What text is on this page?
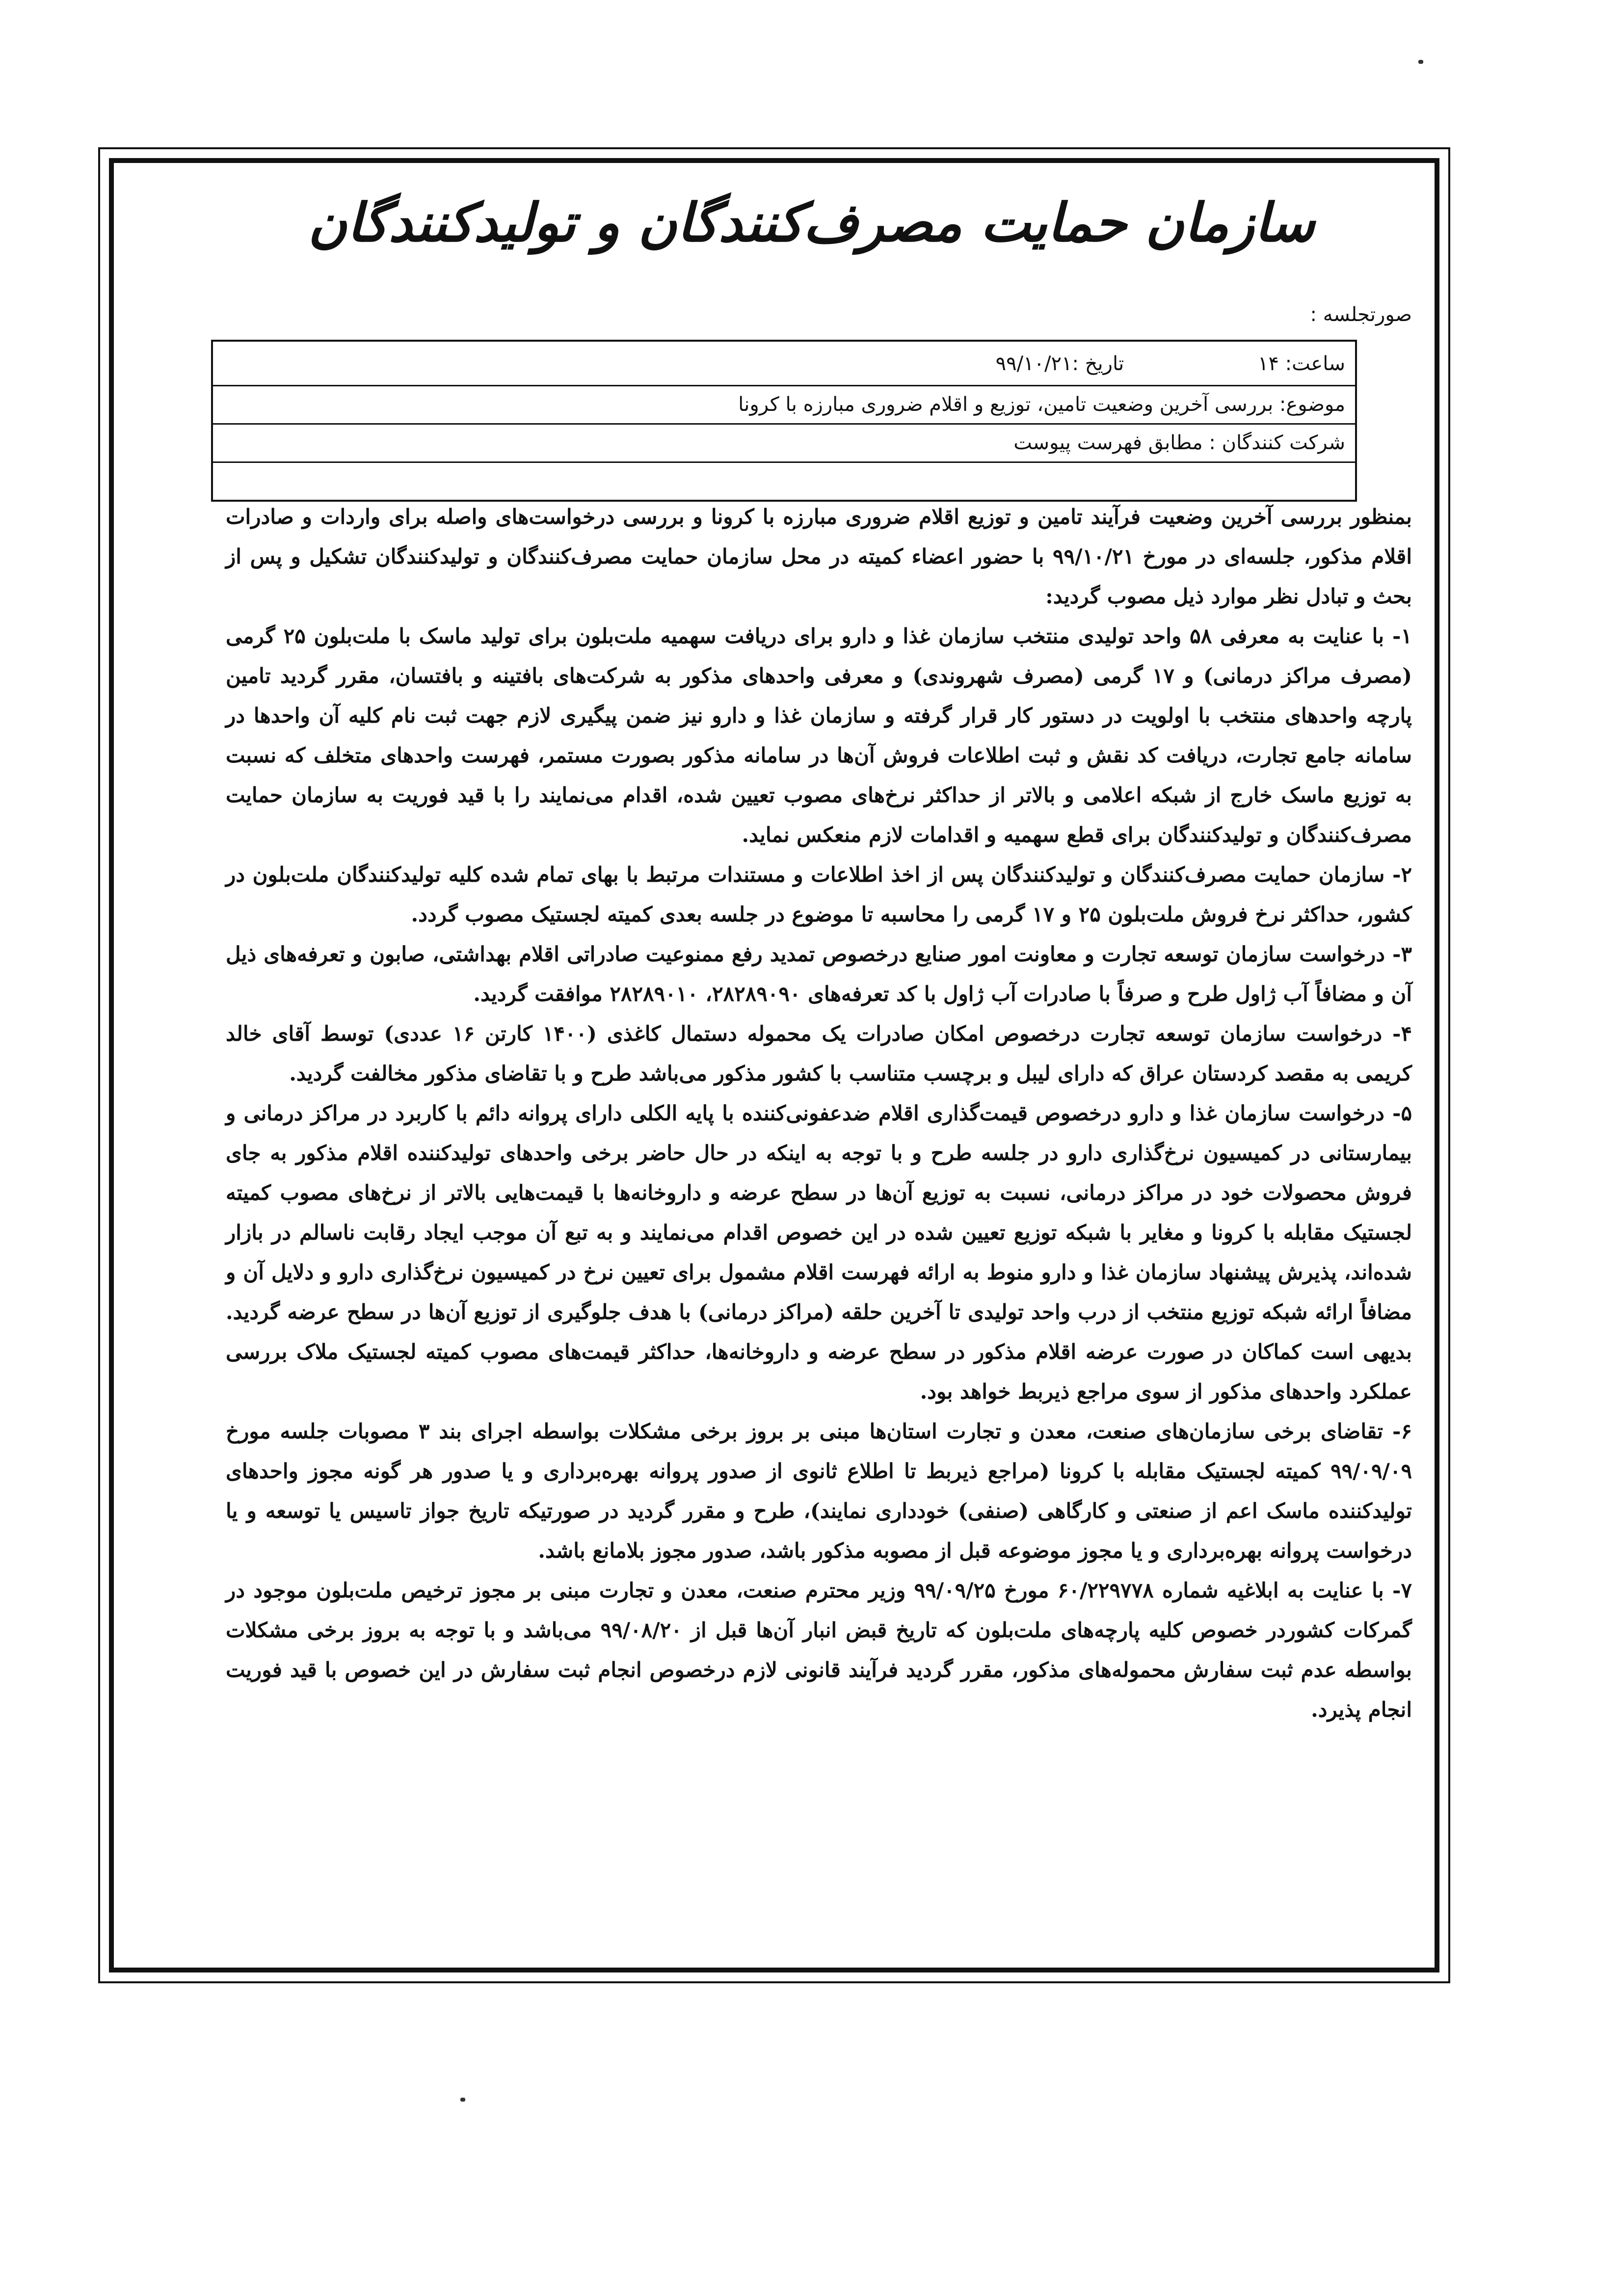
سازمان حمایت مصرف‌کنندگان و تولیدکنندگان
صورتجلسه :
ساعت: ۱۴ تاریخ :۹۹/۱۰/۲۱
موضوع: بررسی آخرین وضعیت تامین، توزیع و اقلام ضروری مبارزه با کرونا
شرکت کنندگان : مطابق فهرست پیوست

بمنظور بررسی آخرین وضعیت فرآیند تامین و توزیع اقلام ضروری مبارزه با کرونا و بررسی درخواست‌های واصله برای واردات و صادرات اقلام مذکور، جلسه‌ای در مورخ ۹۹/۱۰/۲۱ با حضور اعضاء کمیته در محل سازمان حمایت مصرف‌کنندگان و تولیدکنندگان تشکیل و پس از بحث و تبادل نظر موارد ذیل مصوب گردید:

۱- با عنایت به معرفی ۵۸ واحد تولیدی منتخب سازمان غذا و دارو برای دریافت سهمیه ملت‌بلون برای تولید ماسک با ملت‌بلون ۲۵ گرمی (مصرف مراکز درمانی) و ۱۷ گرمی (مصرف شهروندی) و معرفی واحدهای مذکور به شرکت‌های بافتینه و بافتسان، مقرر گردید تامین پارچه واحدهای منتخب با اولویت در دستور کار قرار گرفته و سازمان غذا و دارو نیز ضمن پیگیری لازم جهت ثبت نام کلیه آن واحدها در سامانه جامع تجارت، دریافت کد نقش و ثبت اطلاعات فروش آن‌ها در سامانه مذکور بصورت مستمر، فهرست واحدهای متخلف که نسبت به توزیع ماسک خارج از شبکه اعلامی و بالاتر از حداکثر نرخ‌های مصوب تعیین شده، اقدام می‌نمایند را با قید فوریت به سازمان حمایت مصرف‌کنندگان و تولیدکنندگان برای قطع سهمیه و اقدامات لازم منعکس نماید.

۲- سازمان حمایت مصرف‌کنندگان و تولیدکنندگان پس از اخذ اطلاعات و مستندات مرتبط با بهای تمام شده کلیه تولیدکنندگان ملت‌بلون در کشور، حداکثر نرخ فروش ملت‌بلون ۲۵ و ۱۷ گرمی را محاسبه تا موضوع در جلسه بعدی کمیته لجستیک مصوب گردد.

۳- درخواست سازمان توسعه تجارت و معاونت امور صنایع درخصوص تمدید رفع ممنوعیت صادراتی اقلام بهداشتی، صابون و تعرفه‌های ذیل آن و مضافاً آب ژاول طرح و صرفاً با صادرات آب ژاول با کد تعرفه‌های ۲۸۲۸۹۰۹۰، ۲۸۲۸۹۰۱۰ موافقت گردید.

۴- درخواست سازمان توسعه تجارت درخصوص امکان صادرات یک محموله دستمال کاغذی (۱۴۰۰ کارتن ۱۶ عددی) توسط آقای خالد کریمی به مقصد کردستان عراق که دارای لیبل و برچسب متناسب با کشور مذکور می‌باشد طرح و با تقاضای مذکور مخالفت گردید.

۵- درخواست سازمان غذا و دارو درخصوص قیمت‌گذاری اقلام ضدعفونی‌کننده با پایه الکلی دارای پروانه دائم با کاربرد در مراکز درمانی و بیمارستانی در کمیسیون نرخ‌گذاری دارو در جلسه طرح و با توجه به اینکه در حال حاضر برخی واحدهای تولیدکننده اقلام مذکور به جای فروش محصولات خود در مراکز درمانی، نسبت به توزیع آن‌ها در سطح عرضه و داروخانه‌ها با قیمت‌هایی بالاتر از نرخ‌های مصوب کمیته لجستیک مقابله با کرونا و مغایر با شبکه توزیع تعیین شده در این خصوص اقدام می‌نمایند و به تبع آن موجب ایجاد رقابت ناسالم در بازار شده‌اند، پذیرش پیشنهاد سازمان غذا و دارو منوط به ارائه فهرست اقلام مشمول برای تعیین نرخ در کمیسیون نرخ‌گذاری دارو و دلایل آن و مضافاً ارائه شبکه توزیع منتخب از درب واحد تولیدی تا آخرین حلقه (مراکز درمانی) با هدف جلوگیری از توزیع آن‌ها در سطح عرضه گردید. بدیهی است کماکان در صورت عرضه اقلام مذکور در سطح عرضه و داروخانه‌ها، حداکثر قیمت‌های مصوب کمیته لجستیک ملاک بررسی عملکرد واحدهای مذکور از سوی مراجع ذیربط خواهد بود.

۶- تقاضای برخی سازمان‌های صنعت، معدن و تجارت استان‌ها مبنی بر بروز برخی مشکلات بواسطه اجرای بند ۳ مصوبات جلسه مورخ ۹۹/۰۹/۰۹ کمیته لجستیک مقابله با کرونا (مراجع ذیربط تا اطلاع ثانوی از صدور پروانه بهره‌برداری و یا صدور هر گونه مجوز واحدهای تولیدکننده ماسک اعم از صنعتی و کارگاهی (صنفی) خودداری نمایند)، طرح و مقرر گردید در صورتیکه تاریخ جواز تاسیس یا توسعه و یا درخواست پروانه بهره‌برداری و یا مجوز موضوعه قبل از مصوبه مذکور باشد، صدور مجوز بلامانع باشد.

۷- با عنایت به ابلاغیه شماره ۶۰/۲۲۹۷۷۸ مورخ ۹۹/۰۹/۲۵ وزیر محترم صنعت، معدن و تجارت مبنی بر مجوز ترخیص ملت‌بلون موجود در گمرکات کشوردر خصوص کلیه پارچه‌های ملت‌بلون که تاریخ قبض انبار آن‌ها قبل از ۹۹/۰۸/۲۰ می‌باشد و با توجه به بروز برخی مشکلات بواسطه عدم ثبت سفارش محموله‌های مذکور، مقرر گردید فرآیند قانونی لازم درخصوص انجام ثبت سفارش در این خصوص با قید فوریت انجام پذیرد.
